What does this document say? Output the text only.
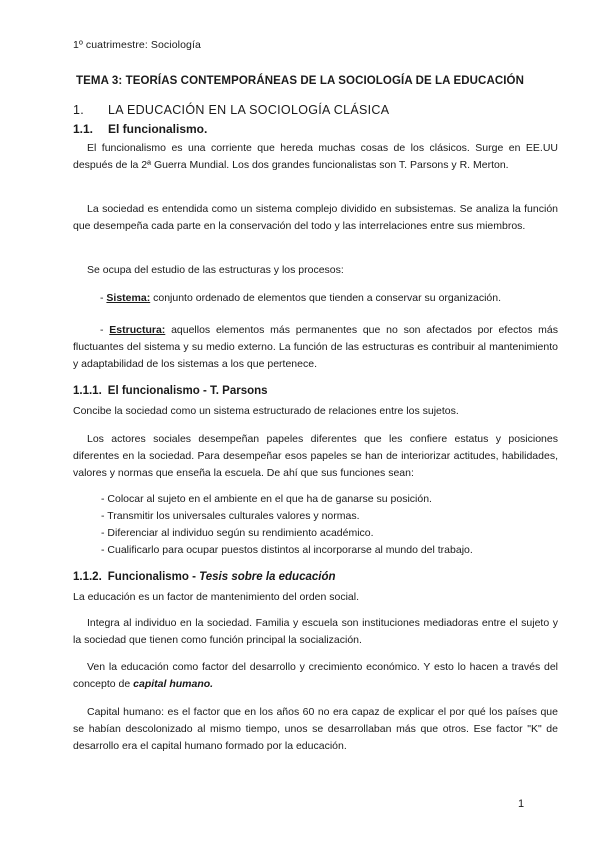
1º cuatrimestre: Sociología
TEMA 3: TEORÍAS CONTEMPORÁNEAS DE LA SOCIOLOGÍA DE LA EDUCACIÓN
1. LA EDUCACIÓN EN LA SOCIOLOGÍA CLÁSICA
1.1. El funcionalismo.
El funcionalismo es una corriente que hereda muchas cosas de los clásicos. Surge en EE.UU después de la 2ª Guerra Mundial. Los dos grandes funcionalistas son T. Parsons y R. Merton.
La sociedad es entendida como un sistema complejo dividido en subsistemas. Se analiza la función que desempeña cada parte en la conservación del todo y las interrelaciones entre sus miembros.
Se ocupa del estudio de las estructuras y los procesos:
- Sistema: conjunto ordenado de elementos que tienden a conservar su organización.
- Estructura: aquellos elementos más permanentes que no son afectados por efectos más fluctuantes del sistema y su medio externo. La función de las estructuras es contribuir al mantenimiento y adaptabilidad de los sistemas a los que pertenece.
1.1.1. El funcionalismo - T. Parsons
Concibe la sociedad como un sistema estructurado de relaciones entre los sujetos.
Los actores sociales desempeñan papeles diferentes que les confiere estatus y posiciones diferentes en la sociedad. Para desempeñar esos papeles se han de interiorizar actitudes, habilidades, valores y normas que enseña la escuela. De ahí que sus funciones sean:
- Colocar al sujeto en el ambiente en el que ha de ganarse su posición.
- Transmitir los universales culturales valores y normas.
- Diferenciar al individuo según su rendimiento académico.
- Cualificarlo para ocupar puestos distintos al incorporarse al mundo del trabajo.
1.1.2. Funcionalismo - Tesis sobre la educación
La educación es un factor de mantenimiento del orden social.
Integra al individuo en la sociedad. Familia y escuela son instituciones mediadoras entre el sujeto y la sociedad que tienen como función principal la socialización.
Ven la educación como factor del desarrollo y crecimiento económico. Y esto lo hacen a través del concepto de capital humano.
Capital humano: es el factor que en los años 60 no era capaz de explicar el por qué los países que se habían descolonizado al mismo tiempo, unos se desarrollaban más que otros. Ese factor "K" de desarrollo era el capital humano formado por la educación.
1
